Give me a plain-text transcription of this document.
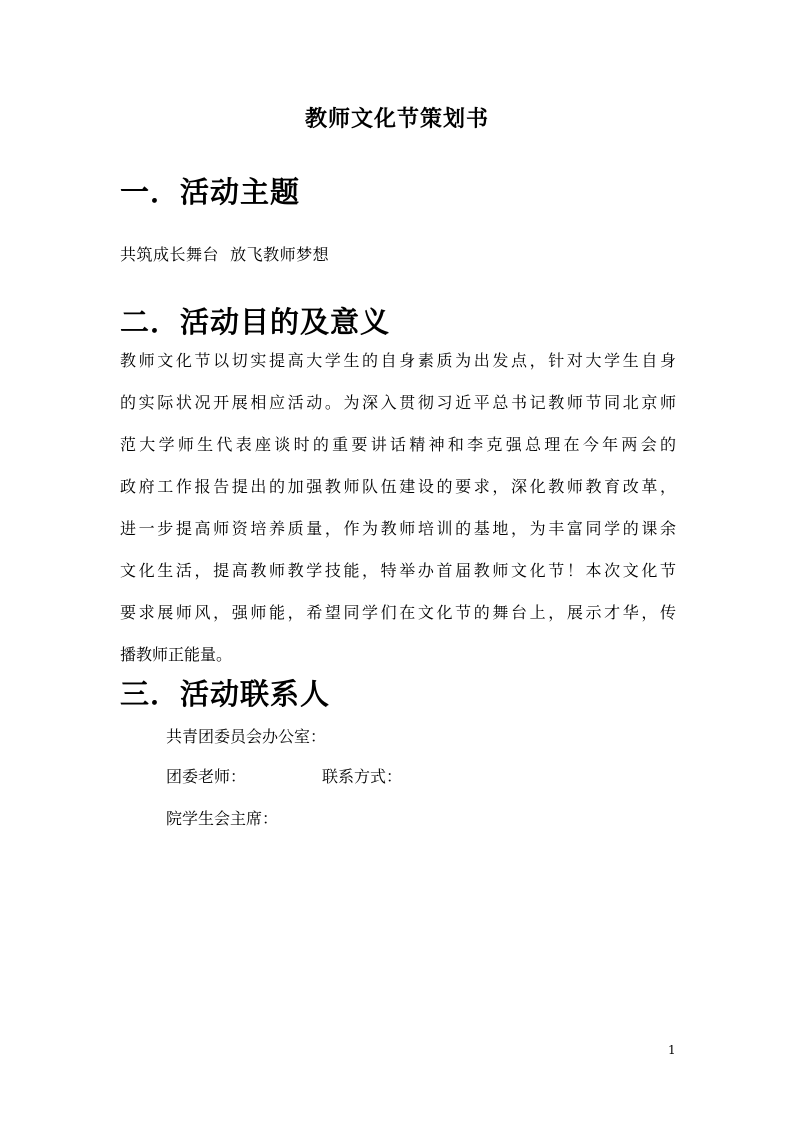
教师文化节策划书
一．活动主题
共筑成长舞台  放飞教师梦想
二．活动目的及意义
教师文化节以切实提高大学生的自身素质为出发点，针对大学生自身
的实际状况开展相应活动。为深入贯彻习近平总书记教师节同北京师
范大学师生代表座谈时的重要讲话精神和李克强总理在今年两会的
政府工作报告提出的加强教师队伍建设的要求，深化教师教育改革，
进一步提高师资培养质量，作为教师培训的基地，为丰富同学的课余
文化生活，提高教师教学技能，特举办首届教师文化节！本次文化节
要求展师风，强师能，希望同学们在文化节的舞台上，展示才华，传
播教师正能量。
三．活动联系人
共青团委员会办公室：
团委老师：	联系方式：
院学生会主席：
1
